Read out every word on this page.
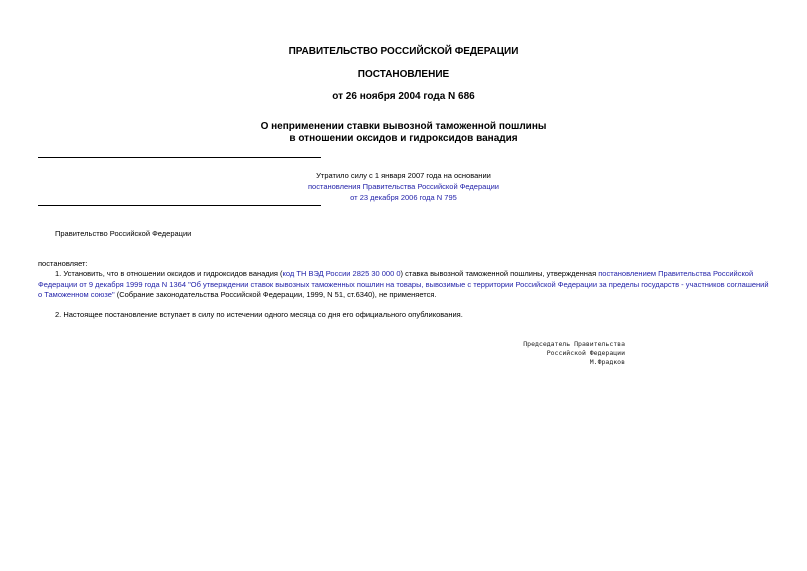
ПРАВИТЕЛЬСТВО РОССИЙСКОЙ ФЕДЕРАЦИИ
ПОСТАНОВЛЕНИЕ
от 26 ноября 2004 года N 686
О неприменении ставки вывозной таможенной пошлины
в отношении оксидов и гидроксидов ванадия
Утратило силу с 1 января 2007 года на основании
постановления Правительства Российской Федерации
от 23 декабря 2006 года N 795
Правительство Российской Федерации
постановляет:
1. Установить, что в отношении оксидов и гидроксидов ванадия (код ТН ВЭД России 2825 30 000 0) ставка вывозной таможенной пошлины, утвержденная постановлением Правительства Российской Федерации от 9 декабря 1999 года N 1364 "Об утверждении ставок вывозных таможенных пошлин на товары, вывозимые с территории Российской Федерации за пределы государств - участников соглашений о Таможенном союзе" (Собрание законодательства Российской Федерации, 1999, N 51, ст.6340), не применяется.
2. Настоящее постановление вступает в силу по истечении одного месяца со дня его официального опубликования.
Председатель Правительства
Российской Федерации
М.Фрадков
